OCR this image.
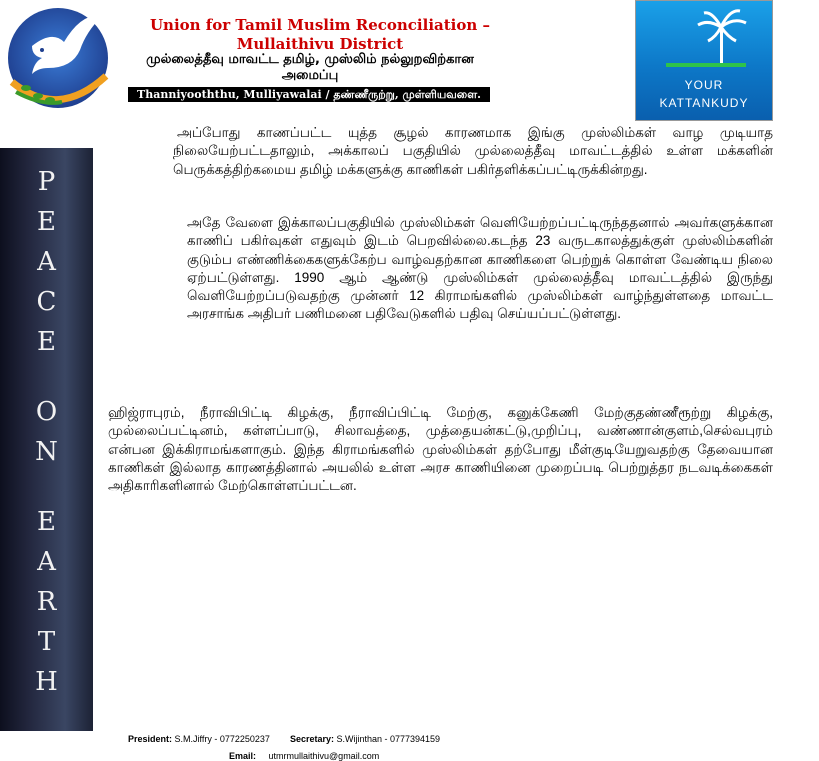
Union for Tamil Muslim Reconciliation –
Mullaithivu District
முல்லைத்தீவு மாவட்ட தமிழ், முஸ்லிம் நல்லுறவிற்கான
அமைப்பு
Thanniyooththu, Mulliyawalai / தண்ணீருற்று, முள்ளியவளை.
YOUR
KATTANKUDY
P
E
A
C
E
O
N
E
A
R
T
H

அப்போது காணப்பட்ட யுத்த சூழல் காரணமாக இங்கு முஸ்லிம்கள் வாழ முடியாத நிலையேற்பட்டதாலும், அக்காலப் பகுதியில் முல்லைத்தீவு மாவட்டத்தில் உள்ள மக்களின் பெருக்கத்திற்கமைய தமிழ் மக்களுக்கு காணிகள் பகிர்தளிக்கப்பட்டிருக்கின்றது.

அதே வேளை இக்காலப்பகுதியில் முஸ்லிம்கள் வெளியேற்றப்பட்டிருந்ததனால் அவர்களுக்கான காணிப் பகிர்வுகள் எதுவும் இடம் பெறவில்லை.கடந்த 23 வருடகாலத்துக்குள் முஸ்லிம்களின் குடும்ப எண்ணிக்கைகளுக்கேற்ப வாழ்வதற்கான காணிகளை பெற்றுக் கொள்ள வேண்டிய நிலை ஏற்பட்டுள்ளது. 1990 ஆம் ஆண்டு முஸ்லிம்கள் முல்லைத்தீவு மாவட்டத்தில் இருந்து வெளியேற்றப்படுவதற்கு முன்னர் 12 கிராமங்களில் முஸ்லிம்கள் வாழ்ந்துள்ளதை மாவட்ட அரசாங்க அதிபர் பணிமனை பதிவேடுகளில் பதிவு செய்யப்பட்டுள்ளது.

ஹிஜ்ராபுரம், நீராவிபிட்டி கிழக்கு, நீராவிப்பிட்டி மேற்கு, கனுக்கேணி மேற்குதண்ணீரூற்று கிழக்கு, முல்லைப்பட்டினம், கள்ளப்பாடு, சிலாவத்தை, முத்தையன்கட்டு,முறிப்பு, வண்ணான்குளம்,செல்வபுரம் என்பன இக்கிராமங்களாகும். இந்த கிராமங்களில் முஸ்லிம்கள் தற்போது மீள்குடியேறுவதற்கு தேவையான காணிகள் இல்லாத காரணத்தினால் அயலில் உள்ள அரச காணியினை முறைப்படி பெற்றுத்தர நடவடிக்கைகள் அதிகாரிகளினால் மேற்கொள்ளப்பட்டன.

President: S.M.Jiffry - 0772250237 Secretary: S.Wijinthan - 0777394159
Email: utmrmullaithivu@gmail.com
